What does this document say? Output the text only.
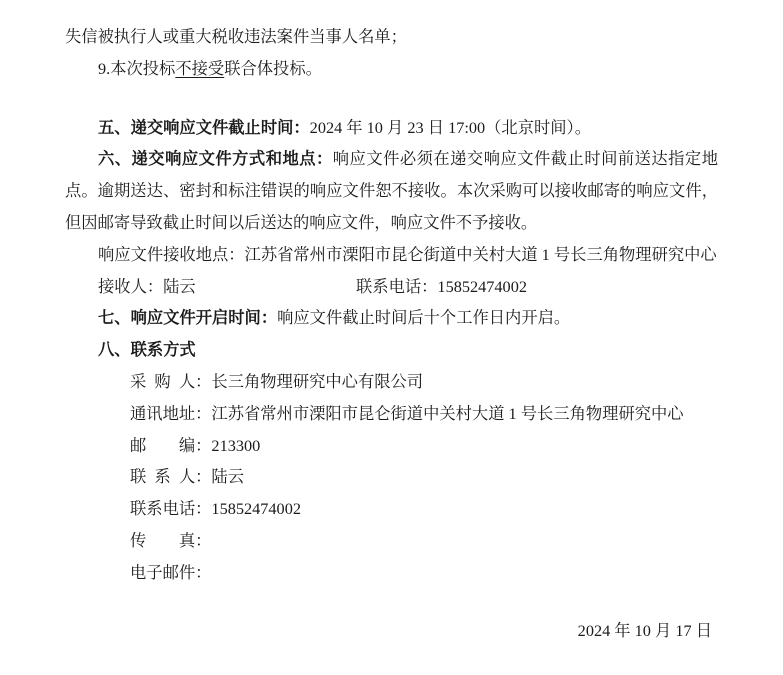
失信被执行人或重大税收违法案件当事人名单；

9.本次投标不接受联合体投标。

五、递交响应文件截止时间：2024 年 10 月 23 日 17:00（北京时间）。

六、递交响应文件方式和地点：响应文件必须在递交响应文件截止时间前送达指定地点。逾期送达、密封和标注错误的响应文件恕不接收。本次采购可以接收邮寄的响应文件，但因邮寄导致截止时间以后送达的响应文件，响应文件不予接收。

响应文件接收地点：江苏省常州市溧阳市昆仑街道中关村大道 1 号长三角物理研究中心

接收人：陆云	联系电话：15852474002

七、响应文件开启时间：响应文件截止时间后十个工作日内开启。

八、联系方式

采  购  人：长三角物理研究中心有限公司

通讯地址：江苏省常州市溧阳市昆仑街道中关村大道 1 号长三角物理研究中心

邮        编：213300

联  系  人：陆云

联系电话：15852474002

传        真：

电子邮件：

2024 年 10 月 17 日
